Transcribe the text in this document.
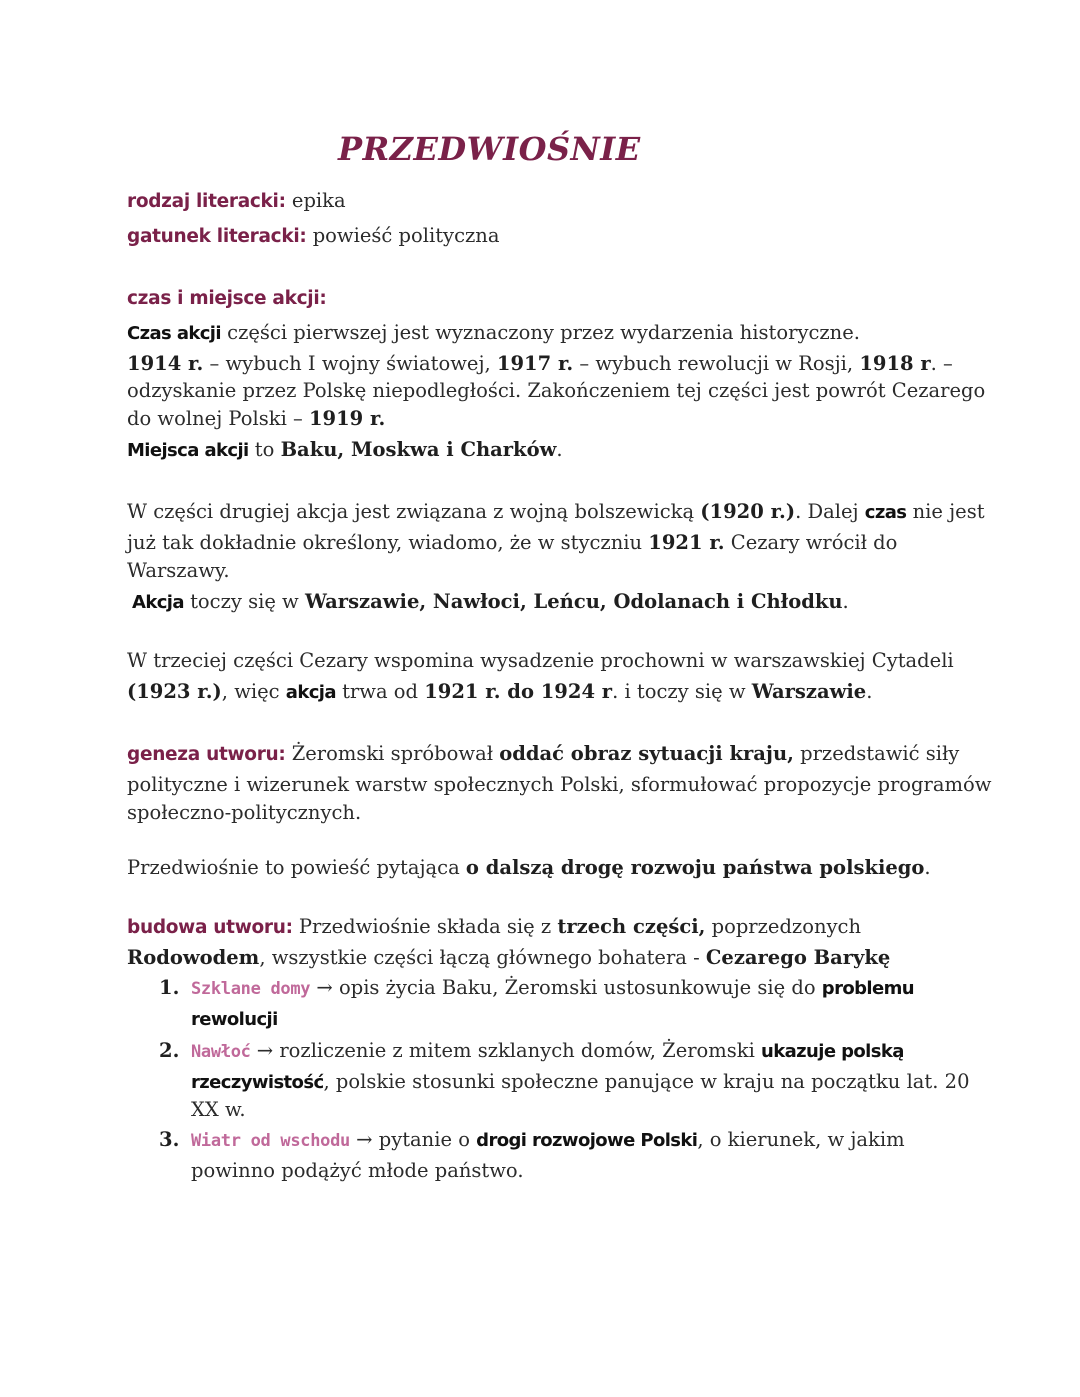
PRZEDWIOŚNIE

rodzaj literacki: epika

gatunek literacki: powieść polityczna

czas i miejsce akcji:

Czas akcji części pierwszej jest wyznaczony przez wydarzenia historyczne.

1914 r. – wybuch I wojny światowej, 1917 r. – wybuch rewolucji w Rosji, 1918 r. –

odzyskanie przez Polskę niepodległości. Zakończeniem tej części jest powrót Cezarego

do wolnej Polski – 1919 r.

Miejsca akcji to Baku, Moskwa i Charków.

W części drugiej akcja jest związana z wojną bolszewicką (1920 r.). Dalej czas nie jest

już tak dokładnie określony, wiadomo, że w styczniu 1921 r. Cezary wrócił do

Warszawy.

Akcja toczy się w Warszawie, Nawłoci, Leńcu, Odolanach i Chłodku.

W trzeciej części Cezary wspomina wysadzenie prochowni w warszawskiej Cytadeli

(1923 r.), więc akcja trwa od 1921 r. do 1924 r. i toczy się w Warszawie.

geneza utworu: Żeromski spróbował oddać obraz sytuacji kraju, przedstawić siły

polityczne i wizerunek warstw społecznych Polski, sformułować propozycje programów

społeczno-politycznych.

Przedwiośnie to powieść pytająca o dalszą drogę rozwoju państwa polskiego.

budowa utworu: Przedwiośnie składa się z trzech części, poprzedzonych

Rodowodem, wszystkie części łączą głównego bohatera - Cezarego Barykę

1. Szklane domy → opis życia Baku, Żeromski ustosunkowuje się do problemu

rewolucji

2. Nawłoć → rozliczenie z mitem szklanych domów, Żeromski ukazuje polską

rzeczywistość, polskie stosunki społeczne panujące w kraju na początku lat. 20

XX w.

3. Wiatr od wschodu → pytanie o drogi rozwojowe Polski, o kierunek, w jakim

powinno podążyć młode państwo.
